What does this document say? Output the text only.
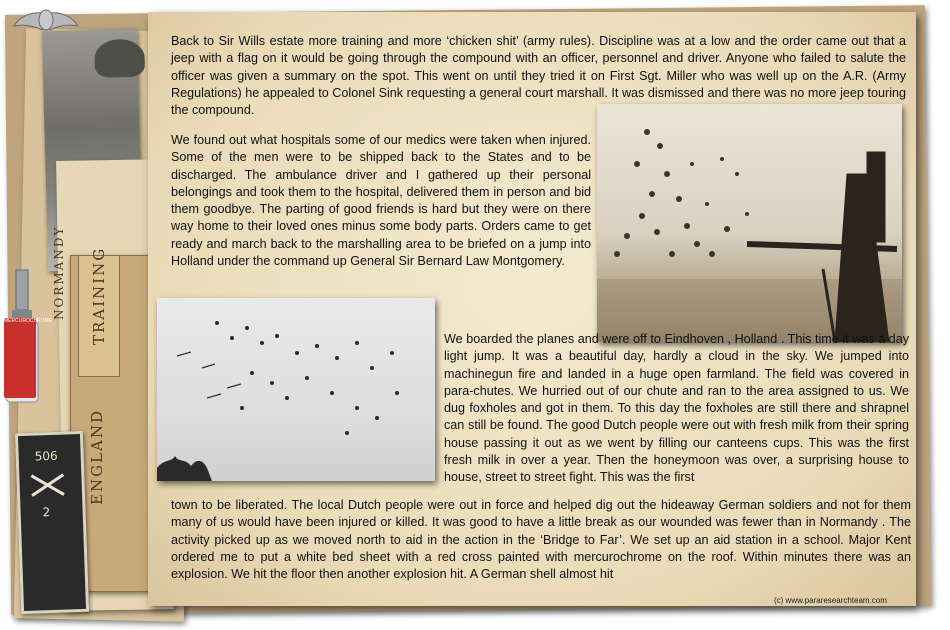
TRAINING
NORMANDY
ENGLAND
MERCUROCHROME
506
2

Back to Sir Wills estate more training and more ‘chicken shit’ (army rules). Discipline was at a low and the order came out that a jeep with a flag on it would be going through the compound with an officer, personnel and driver. Anyone who failed to salute the officer was given a summary on the spot. This went on until they tried it on First Sgt. Miller who was well up on the A.R. (Army Regulations) he appealed to Colonel Sink requesting a general court marshall. It was dismissed and there was no more jeep touring the compound.

We found out what hospitals some of our medics were taken when injured. Some of the men were to be shipped back to the States and to be discharged. The ambulance driver and I gathered up their personal belongings and took them to the hospital, delivered them in person and bid them goodbye. The parting of good friends is hard but they were on there way home to their loved ones minus some body parts. Orders came to get ready and march back to the marshalling area to be briefed on a jump into Holland under the command up General Sir Bernard Law Montgomery.

We boarded the planes and were off to Eindhoven , Holland . This time it was a day light jump. It was a beautiful day, hardly a cloud in the sky. We jumped into machinegun fire and landed in a huge open farmland. The field was covered in para-chutes. We hurried out of our chute and ran to the area assigned to us. We dug foxholes and got in them. To this day the foxholes are still there and shrapnel can still be found. The good Dutch people were out with fresh milk from their spring house passing it out as we went by filling our canteens cups. This was the first fresh milk in over a year. Then the honeymoon was over, a surprising house to house, street to street fight. This was the first

town to be liberated. The local Dutch people were out in force and helped dig out the hideaway German soldiers and not for them many of us would have been injured or killed. It was good to have a little break as our wounded was fewer than in Normandy . The activity picked up as we moved north to aid in the action in the ‘Bridge to Far’. We set up an aid station in a school. Major Kent ordered me to put a white bed sheet with a red cross painted with mercurochrome on the roof. Within minutes there was an explosion. We hit the floor then another explosion hit. A German shell almost hit

(c) www.pararesearchteam.com
